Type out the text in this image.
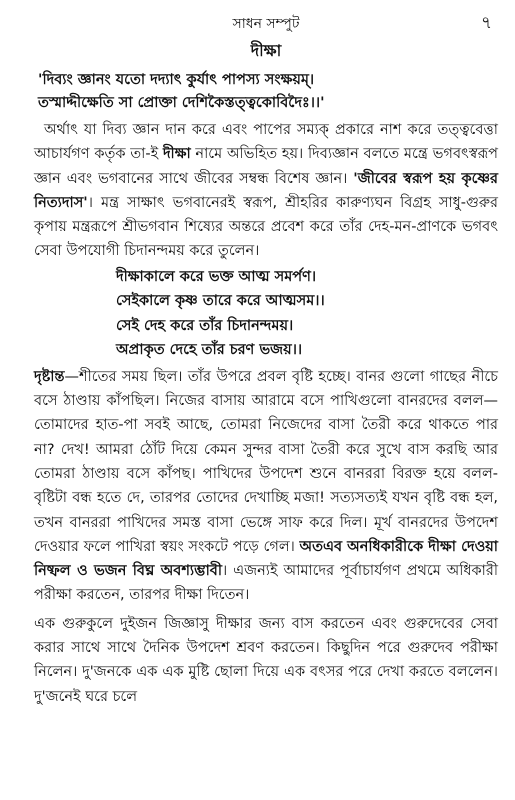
সাধন সম্পুট	৭
দীক্ষা
'দিব্যং জ্ঞানং যতো দদ্যাৎ কুর্যাৎ পাপস্য সংক্ষয়ম্।
তস্মাদ্দীক্ষেতি সা প্রোক্তা দেশিকৈস্তত্ত্বকোবিদৈঃ।।'

অর্থাৎ যা দিব্য জ্ঞান দান করে এবং পাপের সম্যক্ প্রকারে নাশ করে তত্ত্ববেত্তা আচার্যগণ কর্তৃক তা-ই দীক্ষা নামে অভিহিত হয়। দিব্যজ্ঞান বলতে মন্ত্রে ভগবৎস্বরূপ জ্ঞান এবং ভগবানের সাথে জীবের সম্বন্ধ বিশেষ জ্ঞান। 'জীবের স্বরূপ হয় কৃষ্ণের নিত্যদাস'। মন্ত্র সাক্ষাৎ ভগবানেরই স্বরূপ, শ্রীহরির কারুণ্যঘন বিগ্রহ সাধু-গুরুর কৃপায় মন্ত্ররূপে শ্রীভগবান শিষ্যের অন্তরে প্রবেশ করে তাঁর দেহ-মন-প্রাণকে ভগবৎ সেবা উপযোগী চিদানন্দময় করে তুলেন।

দীক্ষাকালে করে ভক্ত আত্ম সমর্পণ।
সেইকালে কৃষ্ণ তারে করে আত্মসম।।
সেই দেহ করে তাঁর চিদানন্দময়।
অপ্রাকৃত দেহে তাঁর চরণ ভজয়।।

দৃষ্টান্ত—শীতের সময় ছিল। তাঁর উপরে প্রবল বৃষ্টি হচ্ছে। বানর গুলো গাছের নীচে বসে ঠাণ্ডায় কাঁপছিল। নিজের বাসায় আরামে বসে পাখিগুলো বানরদের বলল—তোমাদের হাত-পা সবই আছে, তোমরা নিজেদের বাসা তৈরী করে থাকতে পার না? দেখ! আমরা ঠোঁট দিয়ে কেমন সুন্দর বাসা তৈরী করে সুখে বাস করছি আর তোমরা ঠাণ্ডায় বসে কাঁপছ। পাখিদের উপদেশ শুনে বানররা বিরক্ত হয়ে বলল-বৃষ্টিটা বন্ধ হতে দে, তারপর তোদের দেখাচ্ছি মজা! সত্যসত্যই যখন বৃষ্টি বন্ধ হল, তখন বানররা পাখিদের সমস্ত বাসা ভেঙ্গে সাফ করে দিল। মূর্খ বানরদের উপদেশ দেওয়ার ফলে পাখিরা স্বয়ং সংকটে পড়ে গেল। অতএব অনধিকারীকে দীক্ষা দেওয়া নিষ্ফল ও ভজন বিঘ্ন অবশ্যম্ভাবী। এজন্যই আমাদের পূর্বাচার্যগণ প্রথমে অধিকারী পরীক্ষা করতেন, তারপর দীক্ষা দিতেন।

এক গুরুকুলে দুইজন জিজ্ঞাসু দীক্ষার জন্য বাস করতেন এবং গুরুদেবের সেবা করার সাথে সাথে দৈনিক উপদেশ শ্রবণ করতেন। কিছুদিন পরে গুরুদেব পরীক্ষা নিলেন। দু'জনকে এক এক মুষ্টি ছোলা দিয়ে এক বৎসর পরে দেখা করতে বললেন। দু'জনেই ঘরে চলে
